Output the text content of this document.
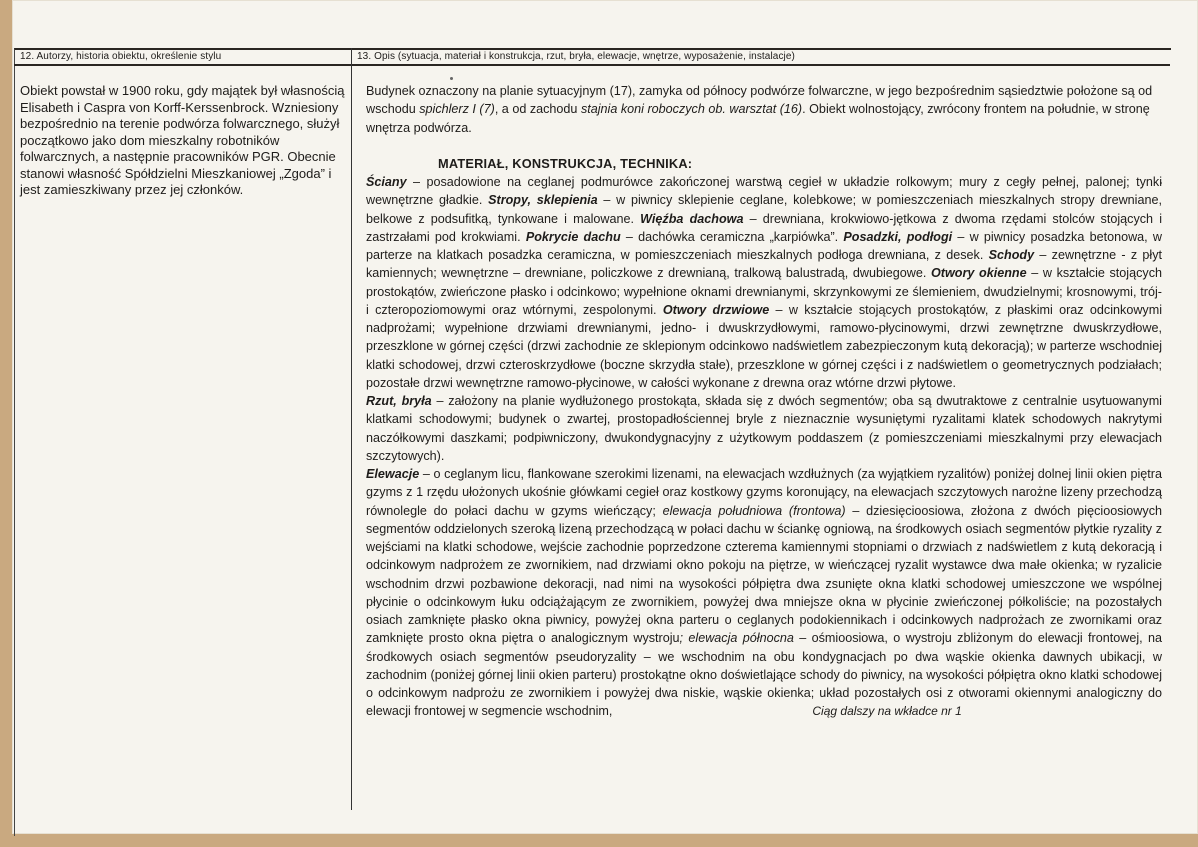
12. Autorzy, historia obiektu, określenie stylu	13. Opis (sytuacja, materiał i konstrukcja, rzut, bryła, elewacje, wnętrze, wyposażenie, instalacje)
Obiekt powstał w 1900 roku, gdy majątek był własnością Elisabeth i Caspra von Korff-Kerssenbrock. Wzniesiony bezpośrednio na terenie podwórza folwarcznego, służył początkowo jako dom mieszkalny robotników folwarcznych, a następnie pracowników PGR. Obecnie stanowi własność Spółdzielni Mieszkaniowej „Zgoda” i jest zamieszkiwany przez jej członków.

Budynek oznaczony na planie sytuacyjnym (17), zamyka od północy podwórze folwarczne, w jego bezpośrednim sąsiedztwie położone są od wschodu spichlerz I (7), a od zachodu stajnia koni roboczych ob. warsztat (16). Obiekt wolnostojący, zwrócony frontem na południe, w stronę wnętrza podwórza.

MATERIAŁ, KONSTRUKCJA, TECHNIKA:

Ściany – posadowione na ceglanej podmurówce zakończonej warstwą cegieł w układzie rolkowym; mury z cegły pełnej, palonej; tynki wewnętrzne gładkie. Stropy, sklepienia – w piwnicy sklepienie ceglane, kolebkowe; w pomieszczeniach mieszkalnych stropy drewniane, belkowe z podsufitką, tynkowane i malowane. Więźba dachowa – drewniana, krokwiowo-jętkowa z dwoma rzędami stolców stojących i zastrzałami pod krokwiami. Pokrycie dachu – dachówka ceramiczna „karpiówka”. Posadzki, podłogi – w piwnicy posadzka betonowa, w parterze na klatkach posadzka ceramiczna, w pomieszczeniach mieszkalnych podłoga drewniana, z desek. Schody – zewnętrzne - z płyt kamiennych; wewnętrzne – drewniane, policzkowe z drewnianą, tralkową balustradą, dwubiegowe. Otwory okienne – w kształcie stojących prostokątów, zwieńczone płasko i odcinkowo; wypełnione oknami drewnianymi, skrzynkowymi ze ślemieniem, dwudzielnymi; krosnowymi, trój- i czteropoziomowymi oraz wtórnymi, zespolonymi. Otwory drzwiowe – w kształcie stojących prostokątów, z płaskimi oraz odcinkowymi nadprożami; wypełnione drzwiami drewnianymi, jedno- i dwuskrzydłowymi, ramowo-płycinowymi, drzwi zewnętrzne dwuskrzydłowe, przeszklone w górnej części (drzwi zachodnie ze sklepionym odcinkowo nadświetlem zabezpieczonym kutą dekoracją); w parterze wschodniej klatki schodowej, drzwi czteroskrzydłowe (boczne skrzydła stałe), przeszklone w górnej części i z nadświetlem o geometrycznych podziałach; pozostałe drzwi wewnętrzne ramowo-płycinowe, w całości wykonane z drewna oraz wtórne drzwi płytowe.

Rzut, bryła – założony na planie wydłużonego prostokąta, składa się z dwóch segmentów; oba są dwutraktowe z centralnie usytuowanymi klatkami schodowymi; budynek o zwartej, prostopadłościennej bryle z nieznacznie wysuniętymi ryzalitami klatek schodowych nakrytymi naczółkowymi daszkami; podpiwniczony, dwukondygnacyjny z użytkowym poddaszem (z pomieszczeniami mieszkalnymi przy elewacjach szczytowych).

Elewacje – o ceglanym licu, flankowane szerokimi lizenami, na elewacjach wzdłużnych (za wyjątkiem ryzalitów) poniżej dolnej linii okien piętra gzyms z 1 rzędu ułożonych ukośnie główkami cegieł oraz kostkowy gzyms koronujący, na elewacjach szczytowych narożne lizeny przechodzą równolegle do połaci dachu w gzyms wieńczący; elewacja południowa (frontowa) – dziesięcioosiowa, złożona z dwóch pięcioosiowych segmentów oddzielonych szeroką lizeną przechodzącą w połaci dachu w ściankę ogniową, na środkowych osiach segmentów płytkie ryzality z wejściami na klatki schodowe, wejście zachodnie poprzedzone czterema kamiennymi stopniami o drzwiach z nadświetlem z kutą dekoracją i odcinkowym nadprożem ze zwornikiem, nad drzwiami okno pokoju na piętrze, w wieńczącej ryzalit wystawce dwa małe okienka; w ryzalicie wschodnim drzwi pozbawione dekoracji, nad nimi na wysokości półpiętra dwa zsunięte okna klatki schodowej umieszczone we wspólnej płycinie o odcinkowym łuku odciążającym ze zwornikiem, powyżej dwa mniejsze okna w płycinie zwieńczonej półkoliście; na pozostałych osiach zamknięte płasko okna piwnicy, powyżej okna parteru o ceglanych podokiennikach i odcinkowych nadprożach ze zwornikami oraz zamknięte prosto okna piętra o analogicznym wystroju; elewacja północna – ośmioosiowa, o wystroju zbliżonym do elewacji frontowej, na środkowych osiach segmentów pseudoryzality – we wschodnim na obu kondygnacjach po dwa wąskie okienka dawnych ubikacji, w zachodnim (poniżej górnej linii okien parteru) prostokątne okno doświetlające schody do piwnicy, na wysokości półpiętra okno klatki schodowej o odcinkowym nadprożu ze zwornikiem i powyżej dwa niskie, wąskie okienka; układ pozostałych osi z otworami okiennymi analogiczny do elewacji frontowej w segmencie wschodnim,	Ciąg dalszy na wkładce nr 1
